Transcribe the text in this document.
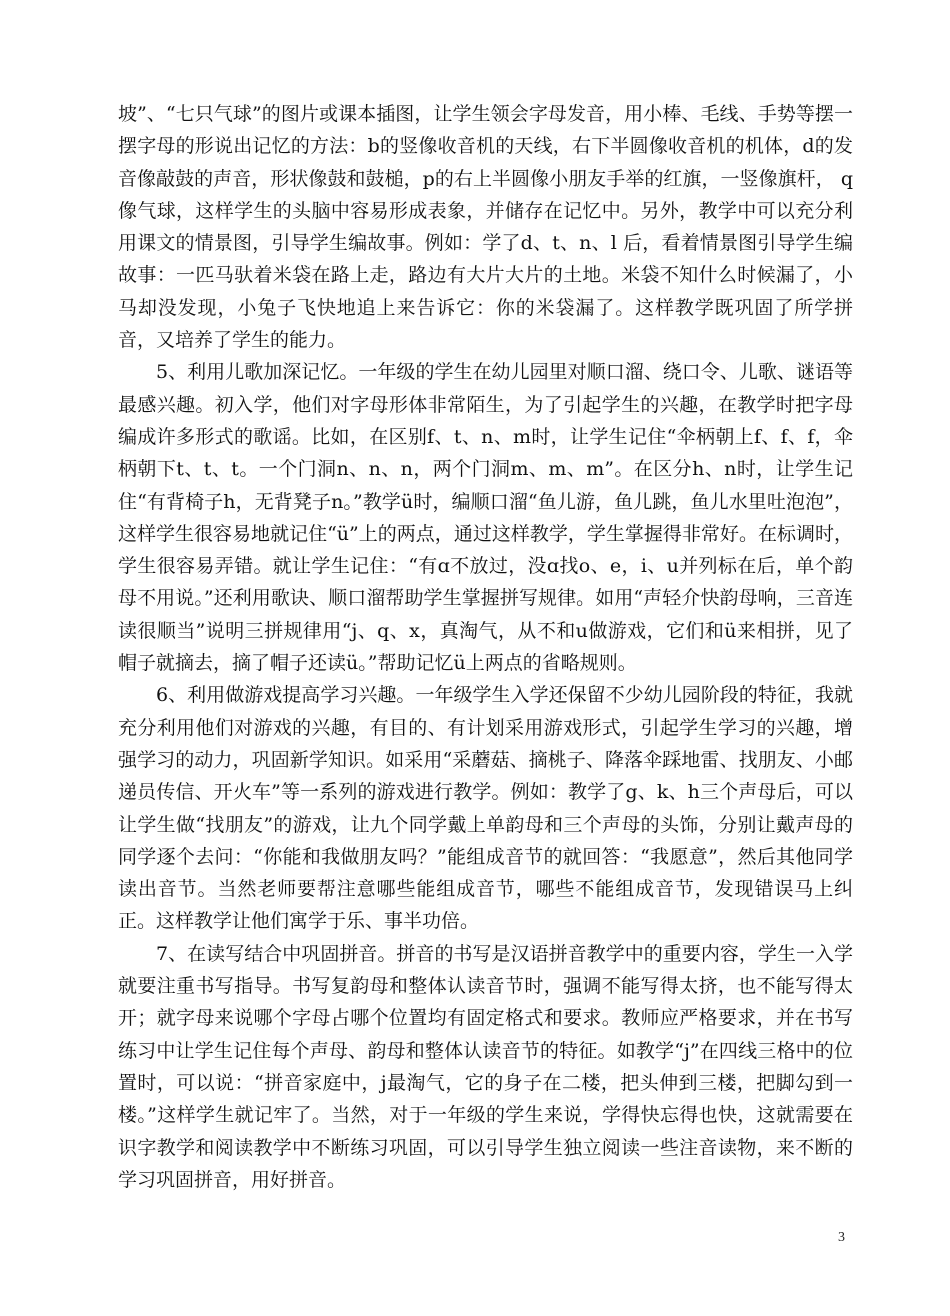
坡”、“七只气球”的图片或课本插图，让学生领会字母发音，用小棒、毛线、手势等摆一摆字母的形说出记忆的方法：b的竖像收音机的天线，右下半圆像收音机的机体，d的发音像敲鼓的声音，形状像鼓和鼓槌，p的右上半圆像小朋友手举的红旗，一竖像旗杆， q像气球，这样学生的头脑中容易形成表象，并储存在记忆中。另外，教学中可以充分利用课文的情景图，引导学生编故事。例如：学了d、t、n、l 后，看着情景图引导学生编故事：一匹马驮着米袋在路上走，路边有大片大片的土地。米袋不知什么时候漏了，小马却没发现，小兔子飞快地追上来告诉它：你的米袋漏了。这样教学既巩固了所学拼音，又培养了学生的能力。

5、利用儿歌加深记忆。一年级的学生在幼儿园里对顺口溜、绕口令、儿歌、谜语等最感兴趣。初入学，他们对字母形体非常陌生，为了引起学生的兴趣，在教学时把字母编成许多形式的歌谣。比如，在区别f、t、n、m时，让学生记住“伞柄朝上f、f、f，伞柄朝下t、t、t。一个门洞n、n、n，两个门洞m、m、m”。在区分h、n时，让学生记住“有背椅子h，无背凳子n。”教学ü时，编顺口溜“鱼儿游，鱼儿跳，鱼儿水里吐泡泡”，这样学生很容易地就记住“ü”上的两点，通过这样教学，学生掌握得非常好。在标调时，学生很容易弄错。就让学生记住：“有ɑ不放过，没ɑ找o、e，i、u并列标在后，单个韵母不用说。”还利用歌诀、顺口溜帮助学生掌握拼写规律。如用“声轻介快韵母响，三音连读很顺当”说明三拼规律用“j、q、x，真淘气，从不和u做游戏，它们和ü来相拼，见了帽子就摘去，摘了帽子还读ü。”帮助记忆ü上两点的省略规则。

6、利用做游戏提高学习兴趣。一年级学生入学还保留不少幼儿园阶段的特征，我就充分利用他们对游戏的兴趣，有目的、有计划采用游戏形式，引起学生学习的兴趣，增强学习的动力，巩固新学知识。如采用“采蘑菇、摘桃子、降落伞踩地雷、找朋友、小邮递员传信、开火车”等一系列的游戏进行教学。例如：教学了g、k、h三个声母后，可以让学生做“找朋友”的游戏，让九个同学戴上单韵母和三个声母的头饰，分别让戴声母的同学逐个去问：“你能和我做朋友吗？”能组成音节的就回答：“我愿意”，然后其他同学读出音节。当然老师要帮注意哪些能组成音节，哪些不能组成音节，发现错误马上纠正。这样教学让他们寓学于乐、事半功倍。

7、在读写结合中巩固拼音。拼音的书写是汉语拼音教学中的重要内容，学生一入学就要注重书写指导。书写复韵母和整体认读音节时，强调不能写得太挤，也不能写得太开；就字母来说哪个字母占哪个位置均有固定格式和要求。教师应严格要求，并在书写练习中让学生记住每个声母、韵母和整体认读音节的特征。如教学“j”在四线三格中的位置时，可以说：“拼音家庭中，j最淘气，它的身子在二楼，把头伸到三楼，把脚勾到一楼。”这样学生就记牢了。当然，对于一年级的学生来说，学得快忘得也快，这就需要在识字教学和阅读教学中不断练习巩固，可以引导学生独立阅读一些注音读物，来不断的学习巩固拼音，用好拼音。

3
